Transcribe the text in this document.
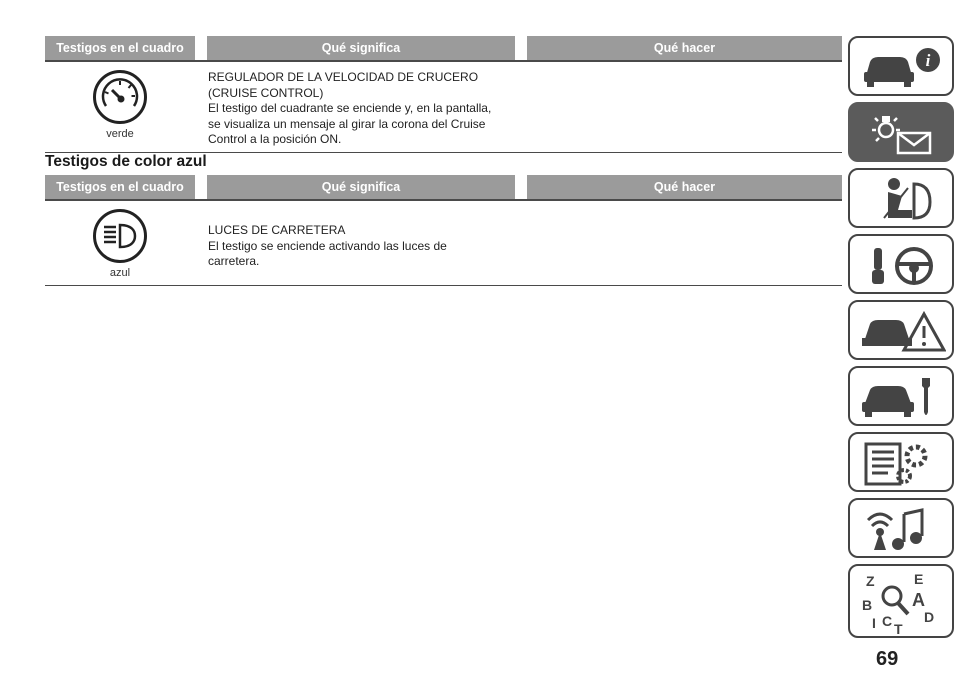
Testigos en el cuadro	Qué significa	Qué hacer
verde
REGULADOR DE LA VELOCIDAD DE CRUCERO
(CRUISE CONTROL)
El testigo del cuadrante se enciende y, en la pantalla,
se visualiza un mensaje al girar la corona del Cruise
Control a la posición ON.
Testigos de color azul
Testigos en el cuadro	Qué significa	Qué hacer
azul
LUCES DE CARRETERA
El testigo se enciende activando las luces de
carretera.
i
Z	E
B A
D
I C T
69
